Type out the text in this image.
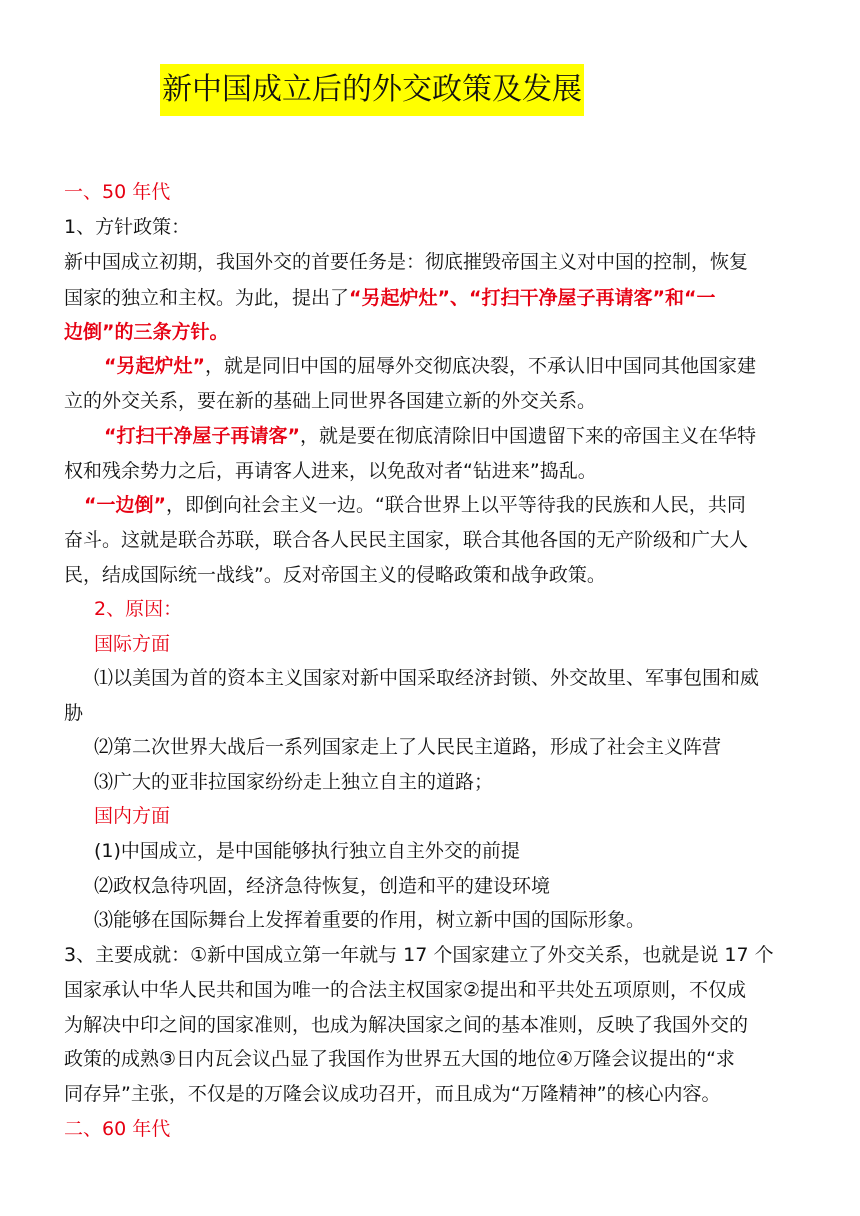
新中国成立后的外交政策及发展
一、50 年代
1、方针政策：
新中国成立初期，我国外交的首要任务是：彻底摧毁帝国主义对中国的控制，恢复
国家的独立和主权。为此，提出了“另起炉灶”、“打扫干净屋子再请客”和“一
边倒”的三条方针。
“另起炉灶”，就是同旧中国的屈辱外交彻底决裂，不承认旧中国同其他国家建
立的外交关系，要在新的基础上同世界各国建立新的外交关系。
“打扫干净屋子再请客”，就是要在彻底清除旧中国遗留下来的帝国主义在华特
权和残余势力之后，再请客人进来，以免敌对者“钻进来”捣乱。
“一边倒”，即倒向社会主义一边。“联合世界上以平等待我的民族和人民，共同
奋斗。这就是联合苏联，联合各人民民主国家，联合其他各国的无产阶级和广大人
民，结成国际统一战线”。反对帝国主义的侵略政策和战争政策。
2、原因：
国际方面
⑴以美国为首的资本主义国家对新中国采取经济封锁、外交故里、军事包围和威
胁
⑵第二次世界大战后一系列国家走上了人民民主道路，形成了社会主义阵营
⑶广大的亚非拉国家纷纷走上独立自主的道路；
国内方面
(1)中国成立，是中国能够执行独立自主外交的前提
⑵政权急待巩固，经济急待恢复，创造和平的建设环境
⑶能够在国际舞台上发挥着重要的作用，树立新中国的国际形象。
3、主要成就：①新中国成立第一年就与 17 个国家建立了外交关系，也就是说 17 个
国家承认中华人民共和国为唯一的合法主权国家②提出和平共处五项原则，不仅成
为解决中印之间的国家准则，也成为解决国家之间的基本准则，反映了我国外交的
政策的成熟③日内瓦会议凸显了我国作为世界五大国的地位④万隆会议提出的“求
同存异”主张，不仅是的万隆会议成功召开，而且成为“万隆精神”的核心内容。
二、60 年代
